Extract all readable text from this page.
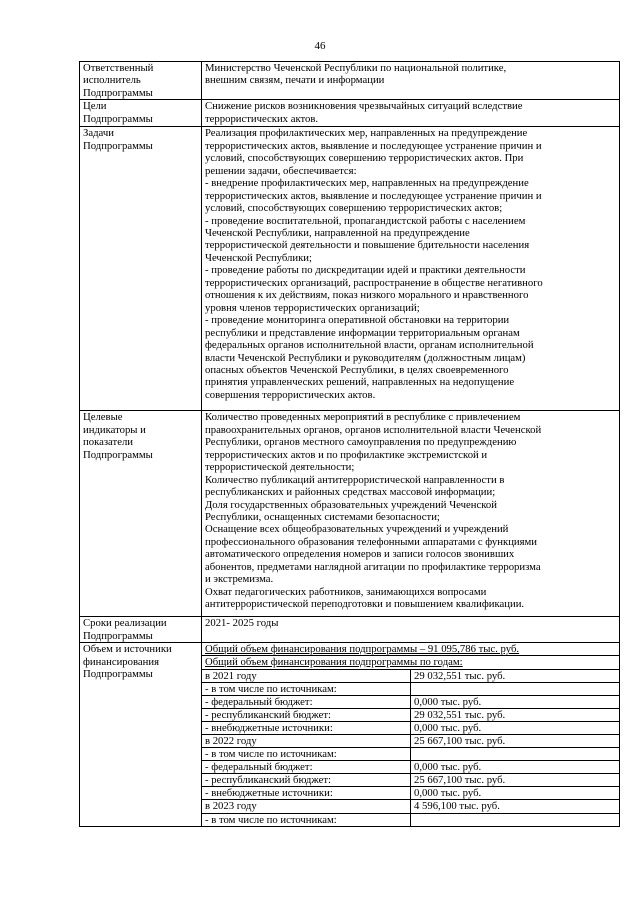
46

Ответственный
исполнитель
Подпрограммы

Министерство Чеченской Республики по национальной политике,
внешним связям, печати и информации

Цели
Подпрограммы

Снижение рисков возникновения чрезвычайных ситуаций вследствие
террористических актов.

Задачи
Подпрограммы

Реализация профилактических мер, направленных на предупреждение
террористических актов, выявление и последующее устранение причин и
условий, способствующих совершению террористических актов. При
решении задачи, обеспечивается:
- внедрение профилактических мер, направленных на предупреждение
террористических актов, выявление и последующее устранение причин и
условий, способствующих совершению террористических актов;
- проведение воспитательной, пропагандистской работы с населением
Чеченской Республики, направленной на предупреждение
террористической деятельности и повышение бдительности населения
Чеченской Республики;
- проведение работы по дискредитации идей и практики деятельности
террористических организаций, распространение в обществе негативного
отношения к их действиям, показ низкого морального и нравственного
уровня членов террористических организаций;
- проведение мониторинга оперативной обстановки на территории
республики и представление информации территориальным органам
федеральных органов исполнительной власти, органам исполнительной
власти Чеченской Республики и руководителям (должностным лицам)
опасных объектов Чеченской Республики, в целях своевременного
принятия управленческих решений, направленных на недопущение
совершения террористических актов.

Целевые
индикаторы и
показатели
Подпрограммы

Количество проведенных мероприятий в республике с привлечением
правоохранительных органов, органов исполнительной власти Чеченской
Республики, органов местного самоуправления по предупреждению
террористических актов и по профилактике экстремистской и
террористической деятельности;
Количество публикаций антитеррористической направленности в
республиканских и районных средствах массовой информации;
Доля государственных образовательных учреждений Чеченской
Республики, оснащенных системами безопасности;
Оснащение всех общеобразовательных учреждений и учреждений
профессионального образования телефонными аппаратами с функциями
автоматического определения номеров и записи голосов звонивших
абонентов, предметами наглядной агитации по профилактике терроризма
и экстремизма.
Охват педагогических работников, занимающихся вопросами
антитеррористической переподготовки и повышением квалификации.

Сроки реализации
Подпрограммы

2021- 2025 годы

Объем и источники
финансирования
Подпрограммы

Общий объем финансирования подпрограммы – 91 095,786 тыс. руб.
Общий объем финансирования подпрограммы по годам:
в 2021 году	29 032,551 тыс. руб.
- в том числе по источникам:	
- федеральный бюджет:	0,000 тыс. руб.
- республиканский бюджет:	29 032,551 тыс. руб.
- внебюджетные источники:	0,000 тыс. руб.
в 2022 году	25 667,100 тыс. руб.
- в том числе по источникам:	
- федеральный бюджет:	0,000 тыс. руб.
- республиканский бюджет:	25 667,100 тыс. руб.
- внебюджетные источники:	0,000 тыс. руб.
в 2023 году	4 596,100 тыс. руб.
- в том числе по источникам:	
